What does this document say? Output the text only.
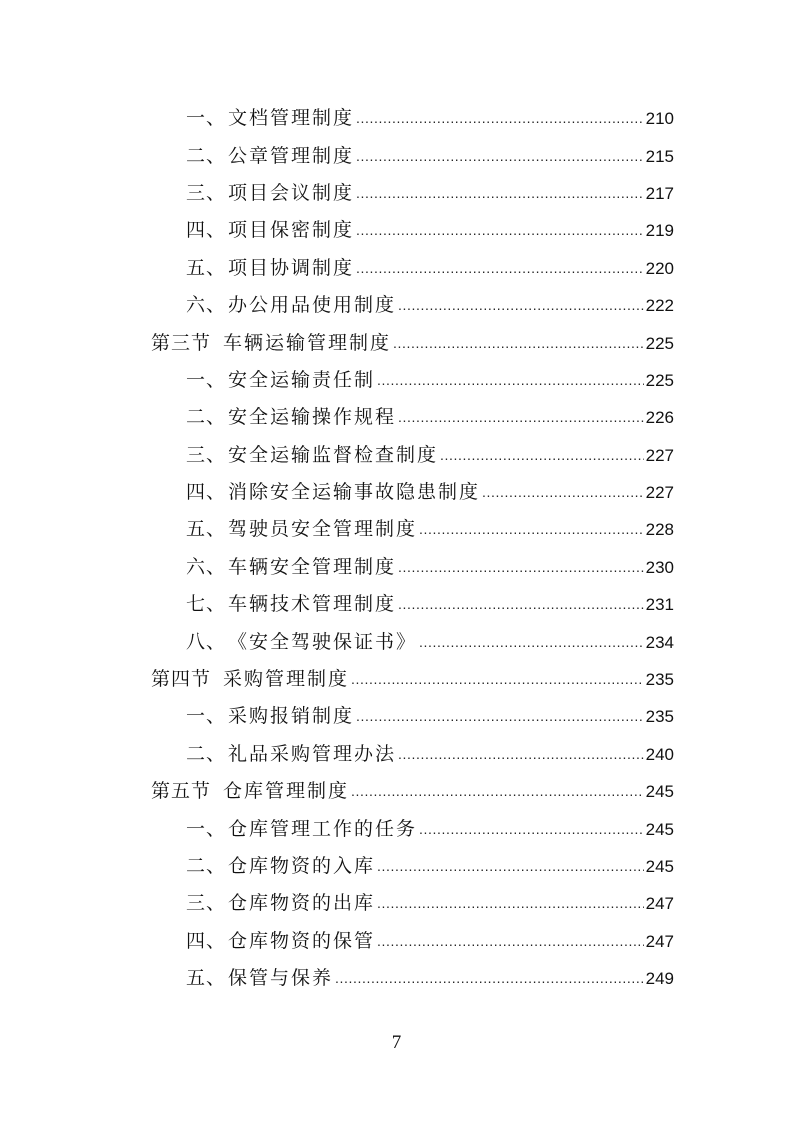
一、 文档管理制度 .....	210
二、 公章管理制度 .....	215
三、 项目会议制度 .....	217
四、 项目保密制度 .....	219
五、 项目协调制度 .....	220
六、 办公用品使用制度 .....	222
第三节 车辆运输管理制度 .....	225
一、 安全运输责任制 .....	225
二、 安全运输操作规程 .....	226
三、 安全运输监督检查制度 .....	227
四、 消除安全运输事故隐患制度 .....	227
五、 驾驶员安全管理制度 .....	228
六、 车辆安全管理制度 .....	230
七、 车辆技术管理制度 .....	231
八、 《安全驾驶保证书》 .....	234
第四节 采购管理制度 .....	235
一、 采购报销制度 .....	235
二、 礼品采购管理办法 .....	240
第五节 仓库管理制度 .....	245
一、 仓库管理工作的任务 .....	245
二、 仓库物资的入库 .....	245
三、 仓库物资的出库 .....	247
四、 仓库物资的保管 .....	247
五、 保管与保养 .....	249
7
